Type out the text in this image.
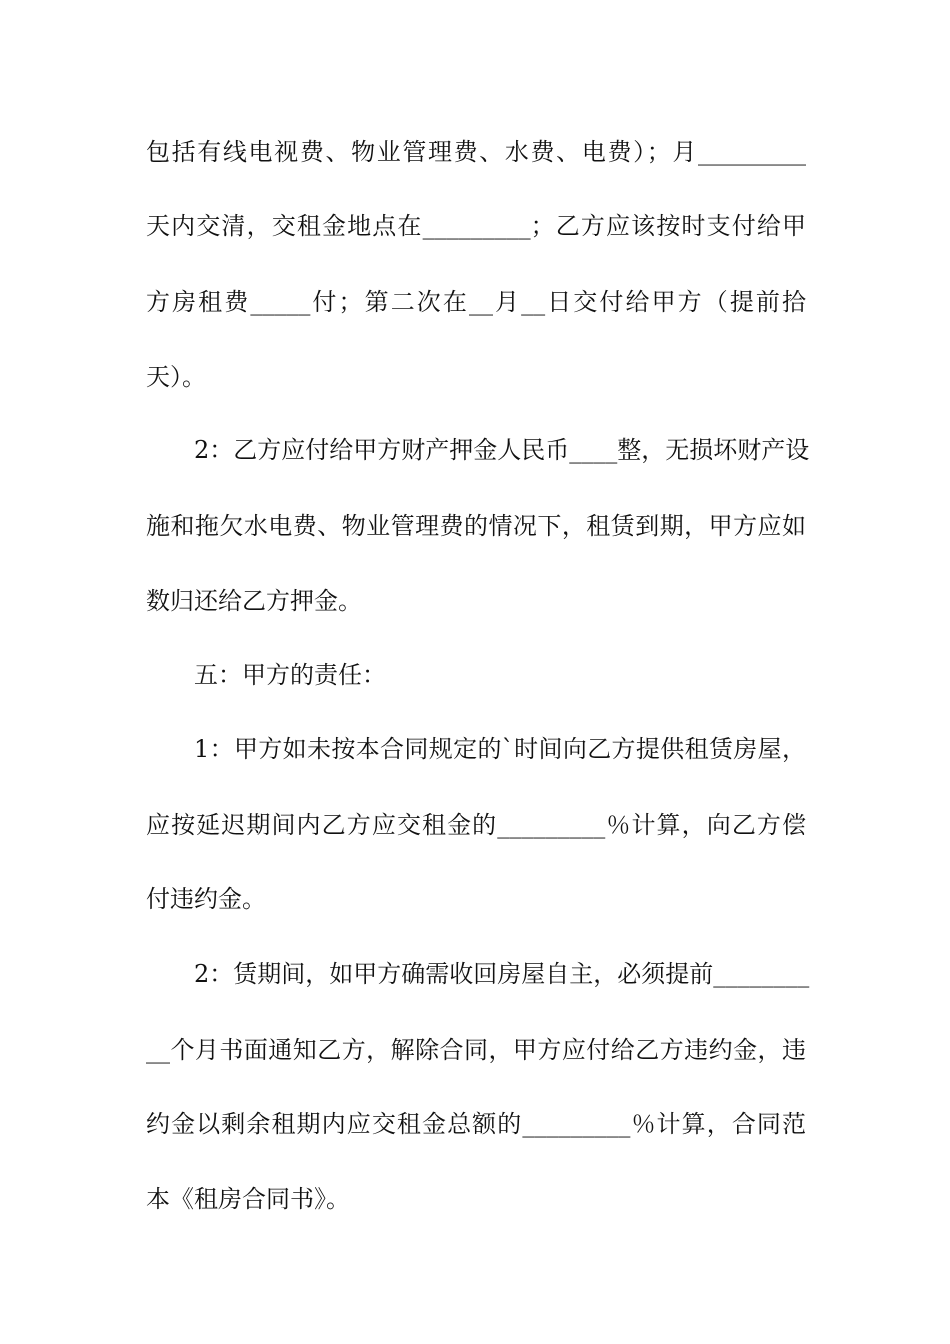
包括有线电视费、物业管理费、水费、电费）；月_________
天内交清，交租金地点在_________；乙方应该按时支付给甲
方房租费_____付；第二次在__月__日交付给甲方（提前拾
天）。
2：乙方应付给甲方财产押金人民币____整，无损坏财产设
施和拖欠水电费、物业管理费的情况下，租赁到期，甲方应如
数归还给乙方押金。
五：甲方的责任：
1：甲方如未按本合同规定的`时间向乙方提供租赁房屋，
应按延迟期间内乙方应交租金的_________％计算，向乙方偿
付违约金。
2：赁期间，如甲方确需收回房屋自主，必须提前________
__个月书面通知乙方，解除合同，甲方应付给乙方违约金，违
约金以剩余租期内应交租金总额的_________％计算，合同范
本《租房合同书》。
